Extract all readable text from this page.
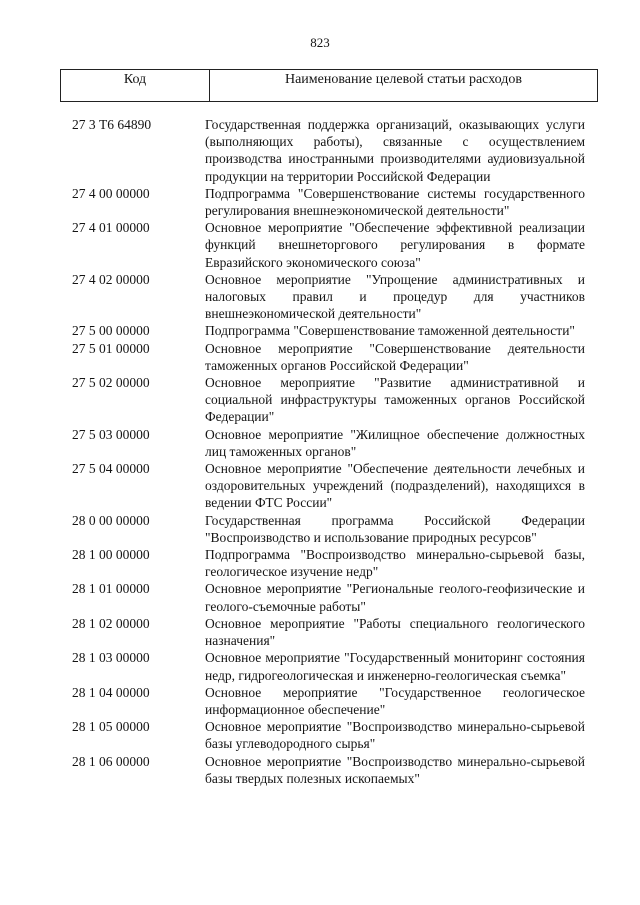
823
Код	Наименование целевой статьи расходов
27 3 Т6 64890	Государственная поддержка организаций, оказывающих услуги (выполняющих работы), связанные с осуществлением производства иностранными производителями аудиовизуальной продукции на территории Российской Федерации
27 4 00 00000	Подпрограмма "Совершенствование системы государственного регулирования внешнеэкономической деятельности"
27 4 01 00000	Основное мероприятие "Обеспечение эффективной реализации функций внешнеторгового регулирования в формате Евразийского экономического союза"
27 4 02 00000	Основное мероприятие "Упрощение административных и налоговых правил и процедур для участников внешнеэкономической деятельности"
27 5 00 00000	Подпрограмма "Совершенствование таможенной деятельности"
27 5 01 00000	Основное мероприятие "Совершенствование деятельности таможенных органов Российской Федерации"
27 5 02 00000	Основное мероприятие "Развитие административной и социальной инфраструктуры таможенных органов Российской Федерации"
27 5 03 00000	Основное мероприятие "Жилищное обеспечение должностных лиц таможенных органов"
27 5 04 00000	Основное мероприятие "Обеспечение деятельности лечебных и оздоровительных учреждений (подразделений), находящихся в ведении ФТС России"
28 0 00 00000	Государственная программа Российской Федерации "Воспроизводство и использование природных ресурсов"
28 1 00 00000	Подпрограмма "Воспроизводство минерально-сырьевой базы, геологическое изучение недр"
28 1 01 00000	Основное мероприятие "Региональные геолого-геофизические и геолого-съемочные работы"
28 1 02 00000	Основное мероприятие "Работы специального геологического назначения"
28 1 03 00000	Основное мероприятие "Государственный мониторинг состояния недр, гидрогеологическая и инженерно-геологическая съемка"
28 1 04 00000	Основное мероприятие "Государственное геологическое информационное обеспечение"
28 1 05 00000	Основное мероприятие "Воспроизводство минерально-сырьевой базы углеводородного сырья"
28 1 06 00000	Основное мероприятие "Воспроизводство минерально-сырьевой базы твердых полезных ископаемых"
